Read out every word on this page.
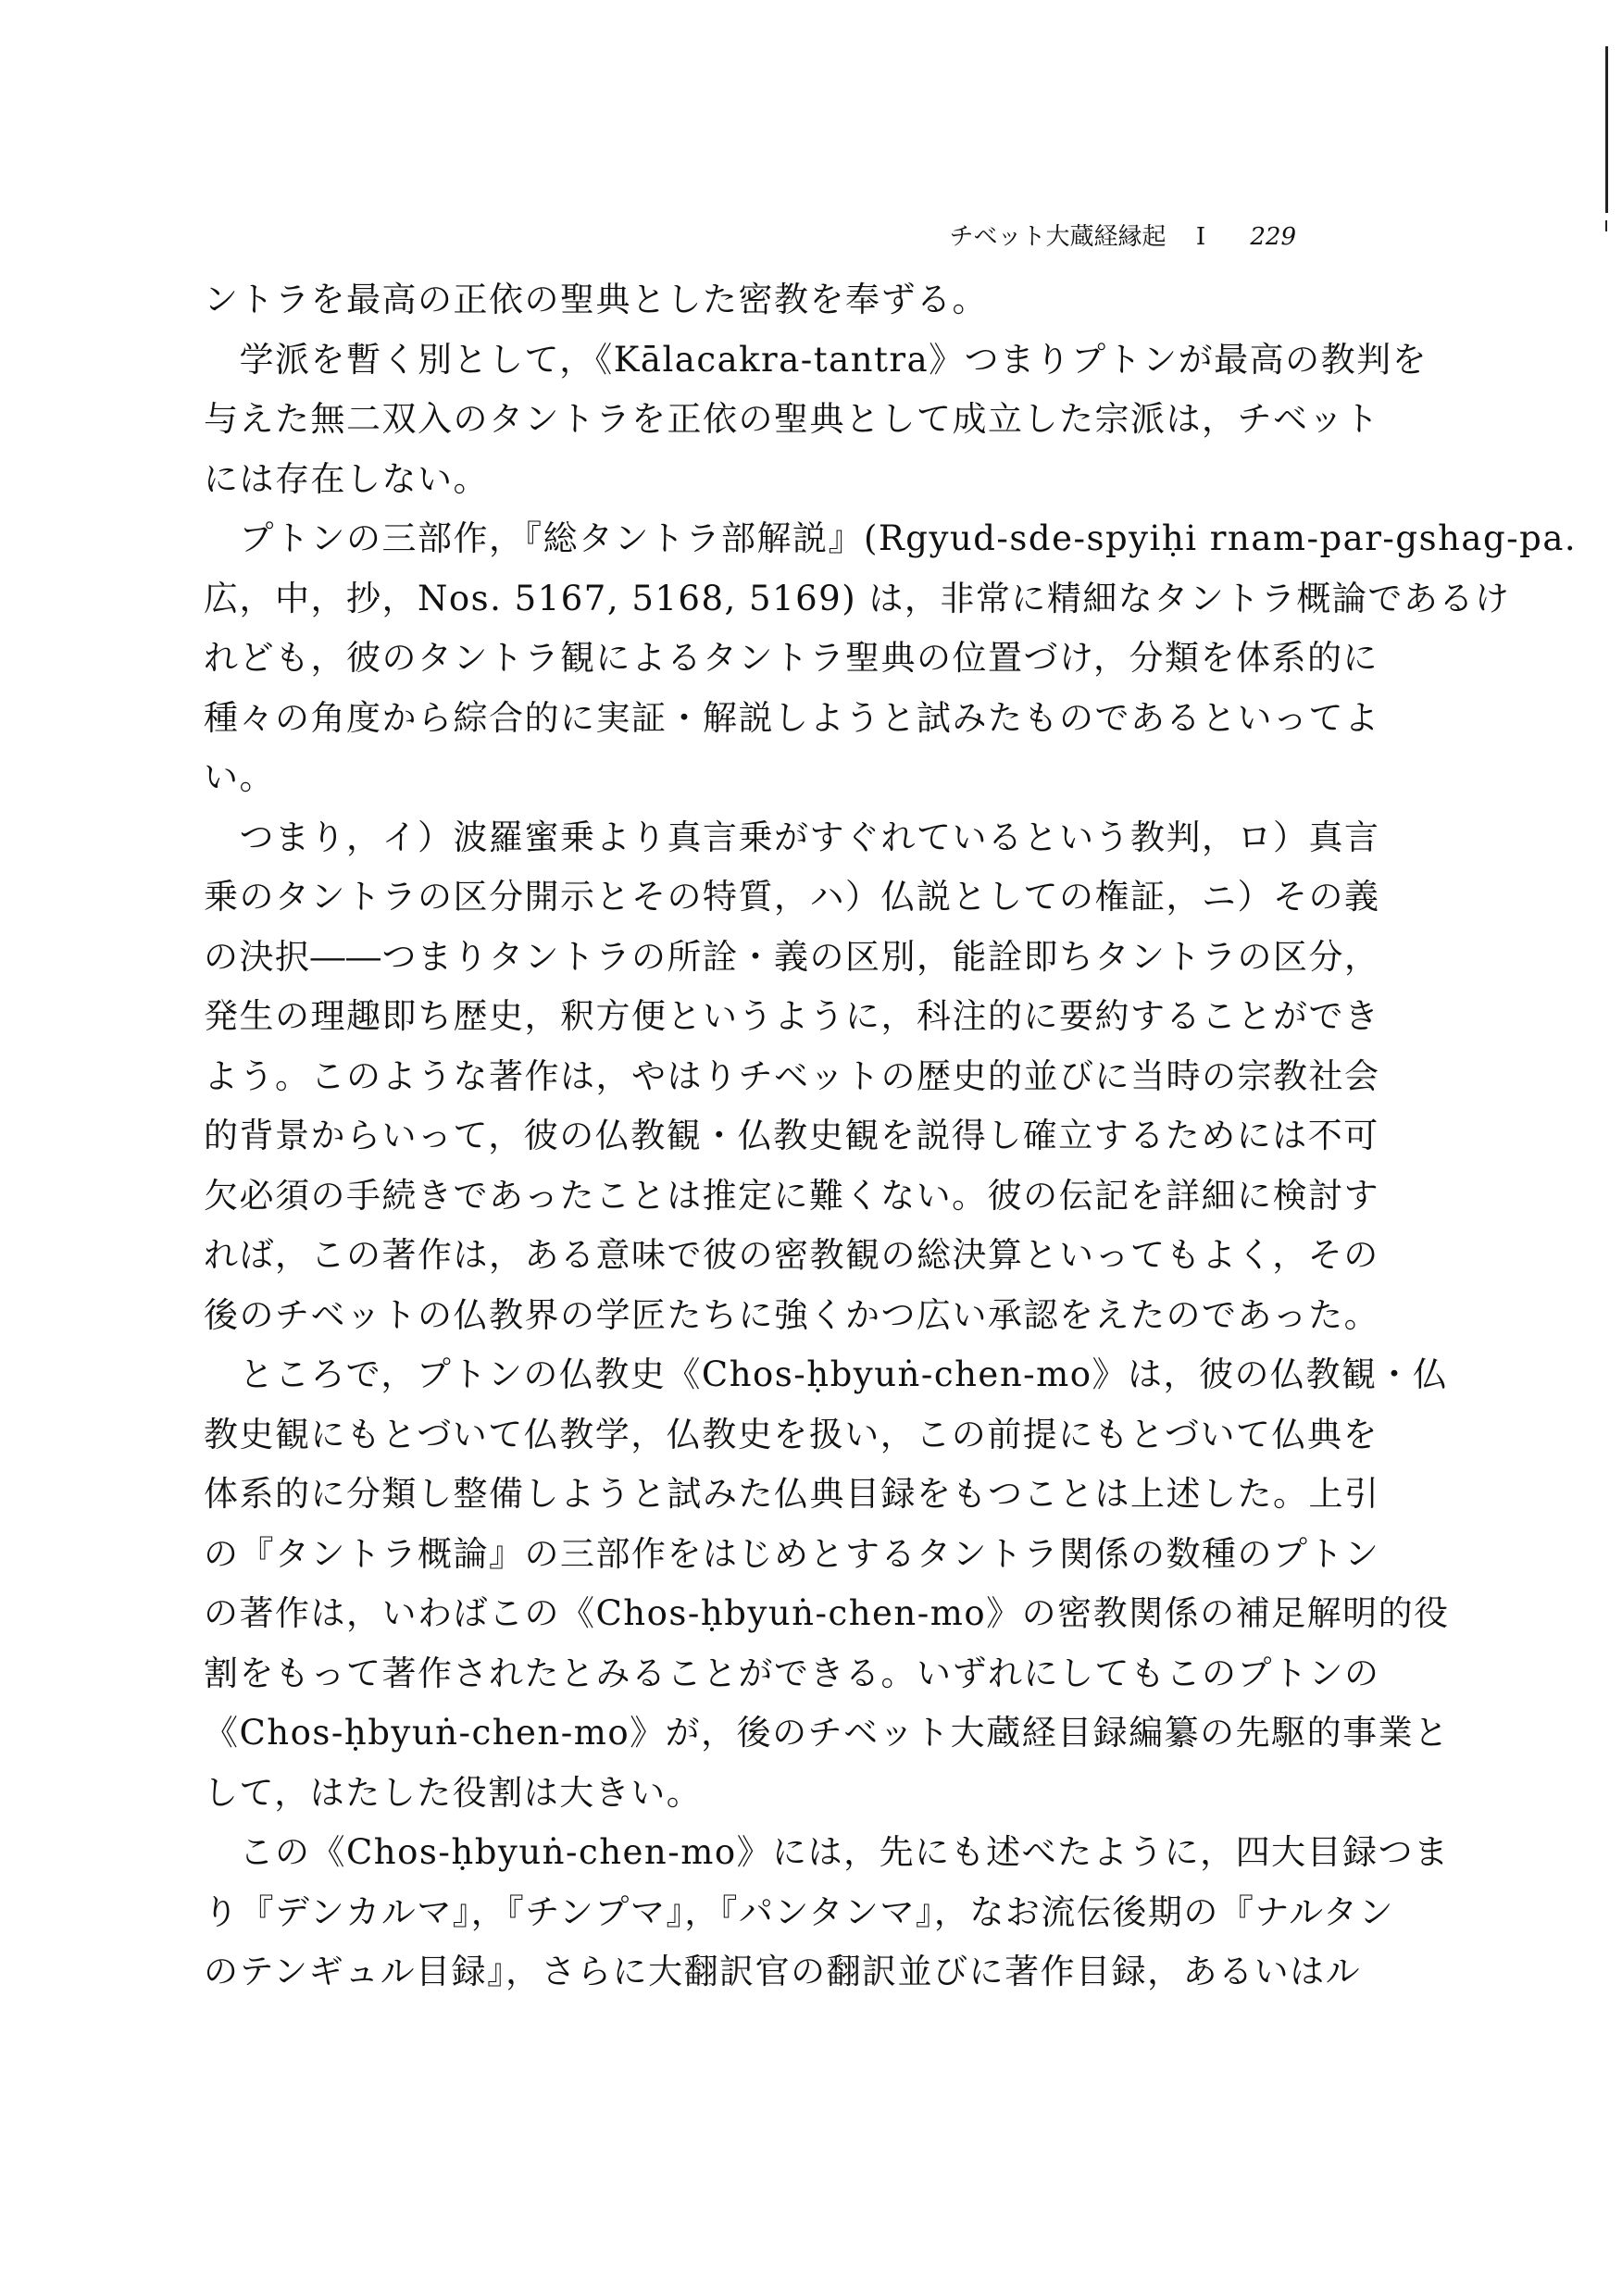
チベット大蔵経縁起 I 229
ントラを最高の正依の聖典とした密教を奉ずる。
　学派を暫く別として，《Kālacakra-tantra》つまりプトンが最高の教判を
与えた無二双入のタントラを正依の聖典として成立した宗派は，チベット
には存在しない。
　プトンの三部作，『総タントラ部解説』(Rgyud-sde-spyiḥi rnam-par-gshag-pa.
広，中，抄，Nos. 5167, 5168, 5169) は，非常に精細なタントラ概論であるけ
れども，彼のタントラ観によるタントラ聖典の位置づけ，分類を体系的に
種々の角度から綜合的に実証・解説しようと試みたものであるといってよ
い。
　つまり，イ）波羅蜜乗より真言乗がすぐれているという教判，ロ）真言
乗のタントラの区分開示とその特質，ハ）仏説としての権証，ニ）その義
の決択――つまりタントラの所詮・義の区別，能詮即ちタントラの区分，
発生の理趣即ち歴史，釈方便というように，科注的に要約することができ
よう。このような著作は，やはりチベットの歴史的並びに当時の宗教社会
的背景からいって，彼の仏教観・仏教史観を説得し確立するためには不可
欠必須の手続きであったことは推定に難くない。彼の伝記を詳細に検討す
れば，この著作は，ある意味で彼の密教観の総決算といってもよく，その
後のチベットの仏教界の学匠たちに強くかつ広い承認をえたのであった。
　ところで，プトンの仏教史《Chos-ḥbyuṅ-chen-mo》は，彼の仏教観・仏
教史観にもとづいて仏教学，仏教史を扱い，この前提にもとづいて仏典を
体系的に分類し整備しようと試みた仏典目録をもつことは上述した。上引
の『タントラ概論』の三部作をはじめとするタントラ関係の数種のプトン
の著作は，いわばこの《Chos-ḥbyuṅ-chen-mo》の密教関係の補足解明的役
割をもって著作されたとみることができる。いずれにしてもこのプトンの
《Chos-ḥbyuṅ-chen-mo》が，後のチベット大蔵経目録編纂の先駆的事業と
して，はたした役割は大きい。
　この《Chos-ḥbyuṅ-chen-mo》には，先にも述べたように，四大目録つま
り『デンカルマ』，『チンプマ』，『パンタンマ』，なお流伝後期の『ナルタン
のテンギュル目録』，さらに大翻訳官の翻訳並びに著作目録，あるいはル
